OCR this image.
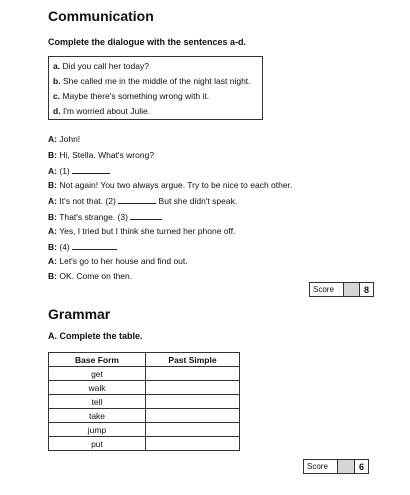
Communication
Complete the dialogue with the sentences a-d.
a. Did you call her today?
b. She called me in the middle of the night last night.
c. Maybe there's something wrong with it.
d. I'm worried about Julie.
A: John!
B: Hi, Stella. What's wrong?
A: (1)
B: Not again! You two always argue. Try to be nice to each other.
A: It's not that. (2)	But she didn't speak.
B: That's strange. (3)
A: Yes, I tried but I think she turned her phone off.
B: (4)
A: Let's go to her house and find out.
B: OK. Come on then.
Score	8
Grammar
A. Complete the table.
Base Form	Past Simple
get	
walk	
tell	
take	
jump	
put	
Score	6
